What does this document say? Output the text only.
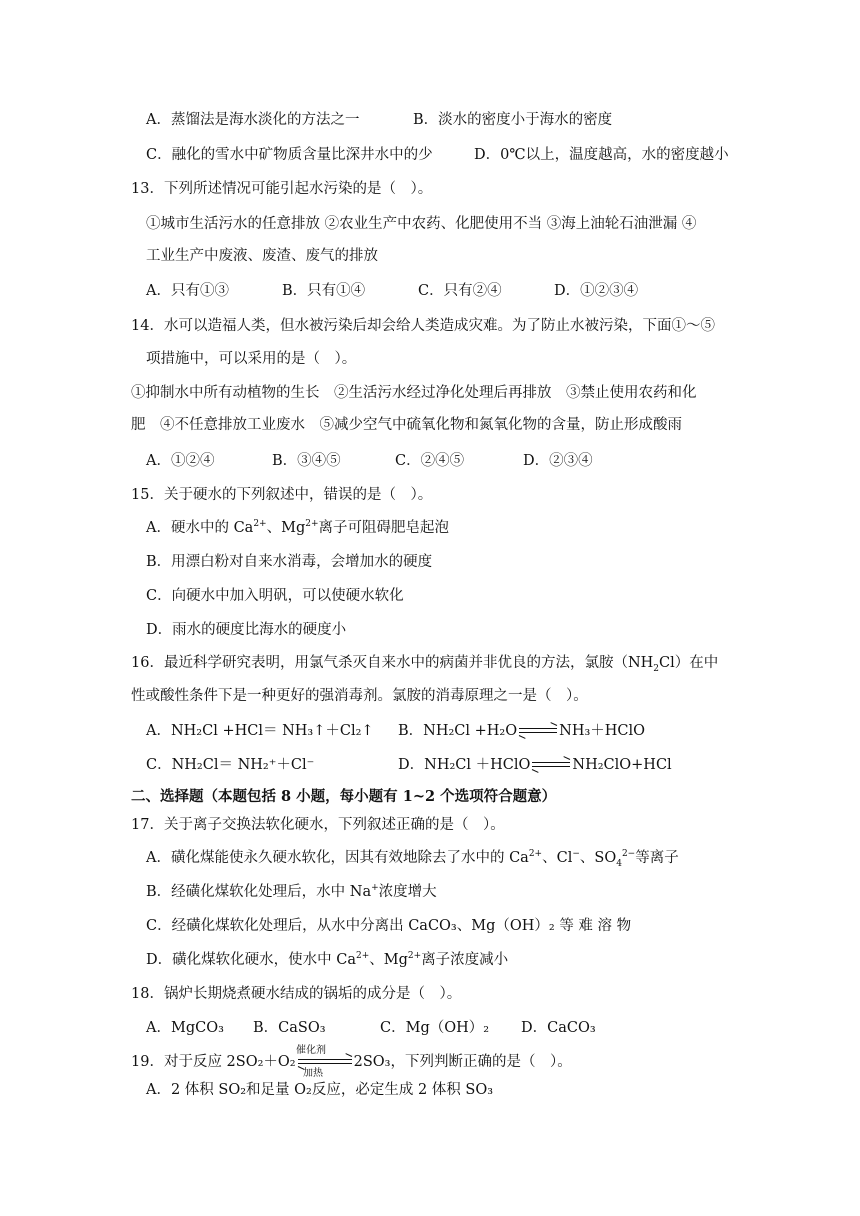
A．蒸馏法是海水淡化的方法之一	B．淡水的密度小于海水的密度
C．融化的雪水中矿物质含量比深井水中的少	D．0℃以上，温度越高，水的密度越小
13．下列所述情况可能引起水污染的是（　）。
①城市生活污水的任意排放 ②农业生产中农药、化肥使用不当 ③海上油轮石油泄漏 ④
工业生产中废液、废渣、废气的排放
A．只有①③	B．只有①④	C．只有②④	D．①②③④
14．水可以造福人类，但水被污染后却会给人类造成灾难。为了防止水被污染，下面①～⑤
项措施中，可以采用的是（　）。
①抑制水中所有动植物的生长　②生活污水经过净化处理后再排放　③禁止使用农药和化
肥　④不任意排放工业废水　⑤减少空气中硫氧化物和氮氧化物的含量，防止形成酸雨
A．①②④	B．③④⑤	C．②④⑤	D．②③④
15．关于硬水的下列叙述中，错误的是（　）。
A．硬水中的 $Ca^{2+}$、$Mg^{2+}$离子可阻碍肥皂起泡
B．用漂白粉对自来水消毒，会增加水的硬度
C．向硬水中加入明矾，可以使硬水软化
D．雨水的硬度比海水的硬度小
16．最近科学研究表明，用氯气杀灭自来水中的病菌并非优良的方法，氯胺$(NH_2Cl)$在中
性或酸性条件下是一种更好的强消毒剂。氯胺的消毒原理之一是（　）。
A．NH₂Cl +HCl＝ NH₃↑＋Cl₂↑ B．NH₂Cl +H₂O ⇌ NH₃＋HClO
C．NH₂Cl＝ NH₂⁺＋Cl⁻	D．NH₂Cl ＋HClO ⇌ NH₂ClO+HCl
二、选择题（本题包括 8 小题，每小题有 1~2 个选项符合题意）
17．关于离子交换法软化硬水，下列叙述正确的是（　）。
A．磺化煤能使永久硬水软化，因其有效地除去了水中的 $Ca^{2+}$、Cl−、$SO_4^{2-}$等离子
B．经磺化煤软化处理后，水中 Na+浓度增大
C．经磺化煤软化处理后，从水中分离出 CaCO₃、Mg（OH）₂ 等 难 溶 物
D．磺化煤软化硬水，使水中 $Ca^{2+}$、$Mg^{2+}$离子浓度减小
18．锅炉长期烧煮硬水结成的锅垢的成分是（　）。
A．MgCO₃ B．CaSO₃	C．Mg（OH）₂ D．CaCO₃
19．对于反应 2SO₂＋O₂ ⇌ 2SO₃，下列判断正确的是（　）。
催化剂
加热
A．2 体积 SO₂和足量 O₂反应，必定生成 2 体积 SO₃
